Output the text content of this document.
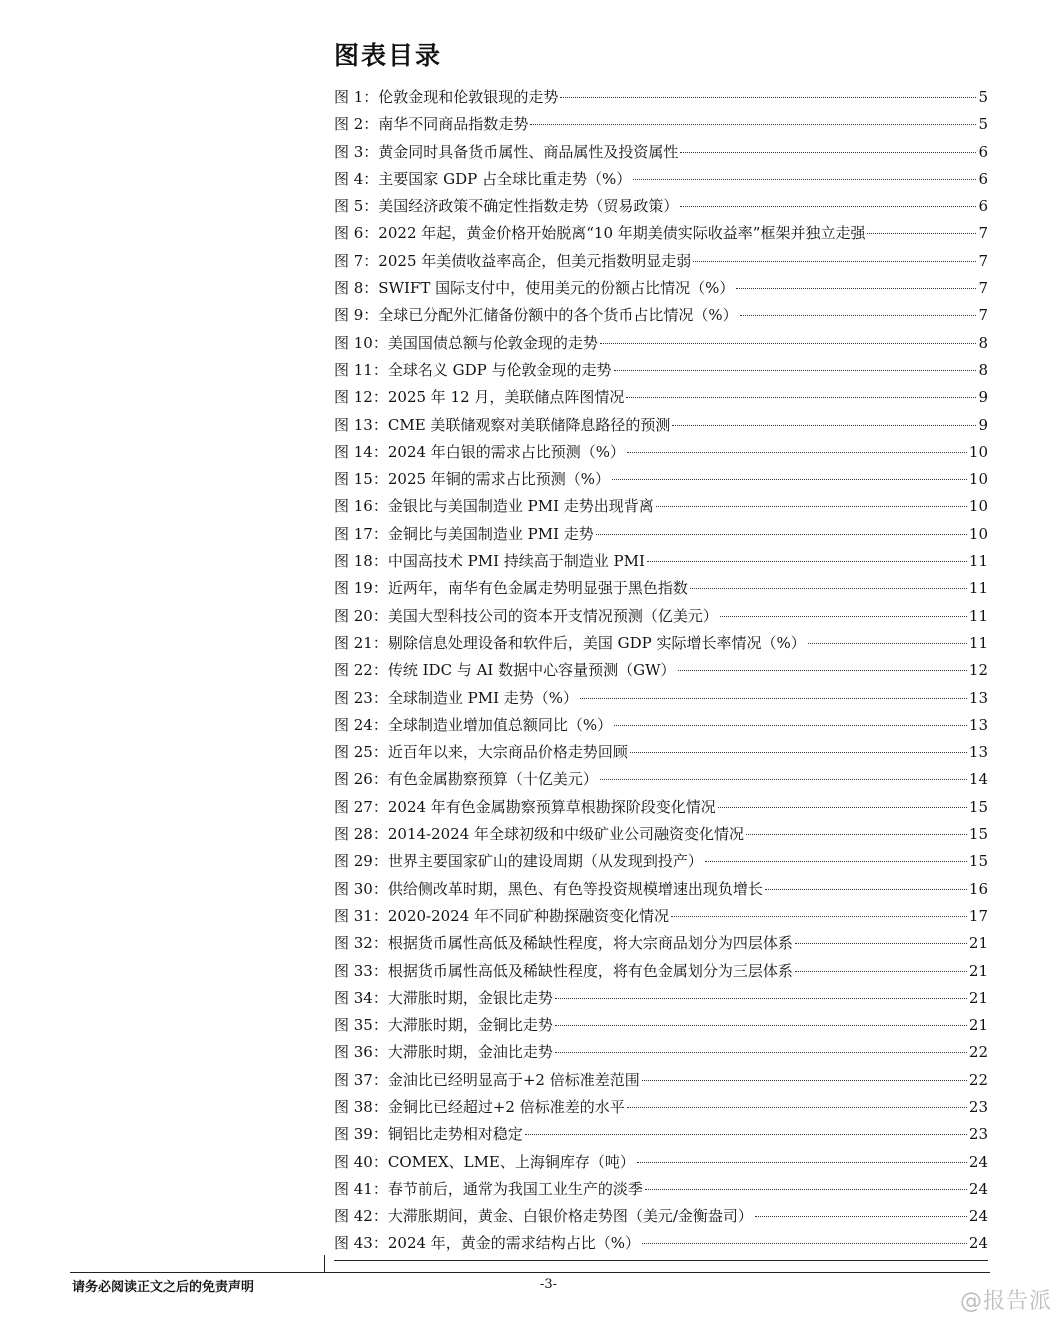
图表目录
图 1：伦敦金现和伦敦银现的走势	5
图 2：南华不同商品指数走势	5
图 3：黄金同时具备货币属性、商品属性及投资属性	6
图 4：主要国家 GDP 占全球比重走势（%）	6
图 5：美国经济政策不确定性指数走势（贸易政策）	6
图 6：2022 年起，黄金价格开始脱离“10 年期美债实际收益率”框架并独立走强	7
图 7：2025 年美债收益率高企，但美元指数明显走弱	7
图 8：SWIFT 国际支付中，使用美元的份额占比情况（%）	7
图 9：全球已分配外汇储备份额中的各个货币占比情况（%）	7
图 10：美国国债总额与伦敦金现的走势	8
图 11：全球名义 GDP 与伦敦金现的走势	8
图 12：2025 年 12 月，美联储点阵图情况	9
图 13：CME 美联储观察对美联储降息路径的预测	9
图 14：2024 年白银的需求占比预测（%）	10
图 15：2025 年铜的需求占比预测（%）	10
图 16：金银比与美国制造业 PMI 走势出现背离	10
图 17：金铜比与美国制造业 PMI 走势	10
图 18：中国高技术 PMI 持续高于制造业 PMI	11
图 19：近两年，南华有色金属走势明显强于黑色指数	11
图 20：美国大型科技公司的资本开支情况预测（亿美元）	11
图 21：剔除信息处理设备和软件后，美国 GDP 实际增长率情况（%）	11
图 22：传统 IDC 与 AI 数据中心容量预测（GW）	12
图 23：全球制造业 PMI 走势（%）	13
图 24：全球制造业增加值总额同比（%）	13
图 25：近百年以来，大宗商品价格走势回顾	13
图 26：有色金属勘察预算（十亿美元）	14
图 27：2024 年有色金属勘察预算草根勘探阶段变化情况	15
图 28：2014-2024 年全球初级和中级矿业公司融资变化情况	15
图 29：世界主要国家矿山的建设周期（从发现到投产）	15
图 30：供给侧改革时期，黑色、有色等投资规模增速出现负增长	16
图 31：2020-2024 年不同矿种勘探融资变化情况	17
图 32：根据货币属性高低及稀缺性程度，将大宗商品划分为四层体系	21
图 33：根据货币属性高低及稀缺性程度，将有色金属划分为三层体系	21
图 34：大滞胀时期，金银比走势	21
图 35：大滞胀时期，金铜比走势	21
图 36：大滞胀时期，金油比走势	22
图 37：金油比已经明显高于+2 倍标准差范围	22
图 38：金铜比已经超过+2 倍标准差的水平	23
图 39：铜铝比走势相对稳定	23
图 40：COMEX、LME、上海铜库存（吨）	24
图 41：春节前后，通常为我国工业生产的淡季	24
图 42：大滞胀期间，黄金、白银价格走势图（美元/金衡盎司）	24
图 43：2024 年，黄金的需求结构占比（%）	24
请务必阅读正文之后的免责声明	-3-
@报告派
